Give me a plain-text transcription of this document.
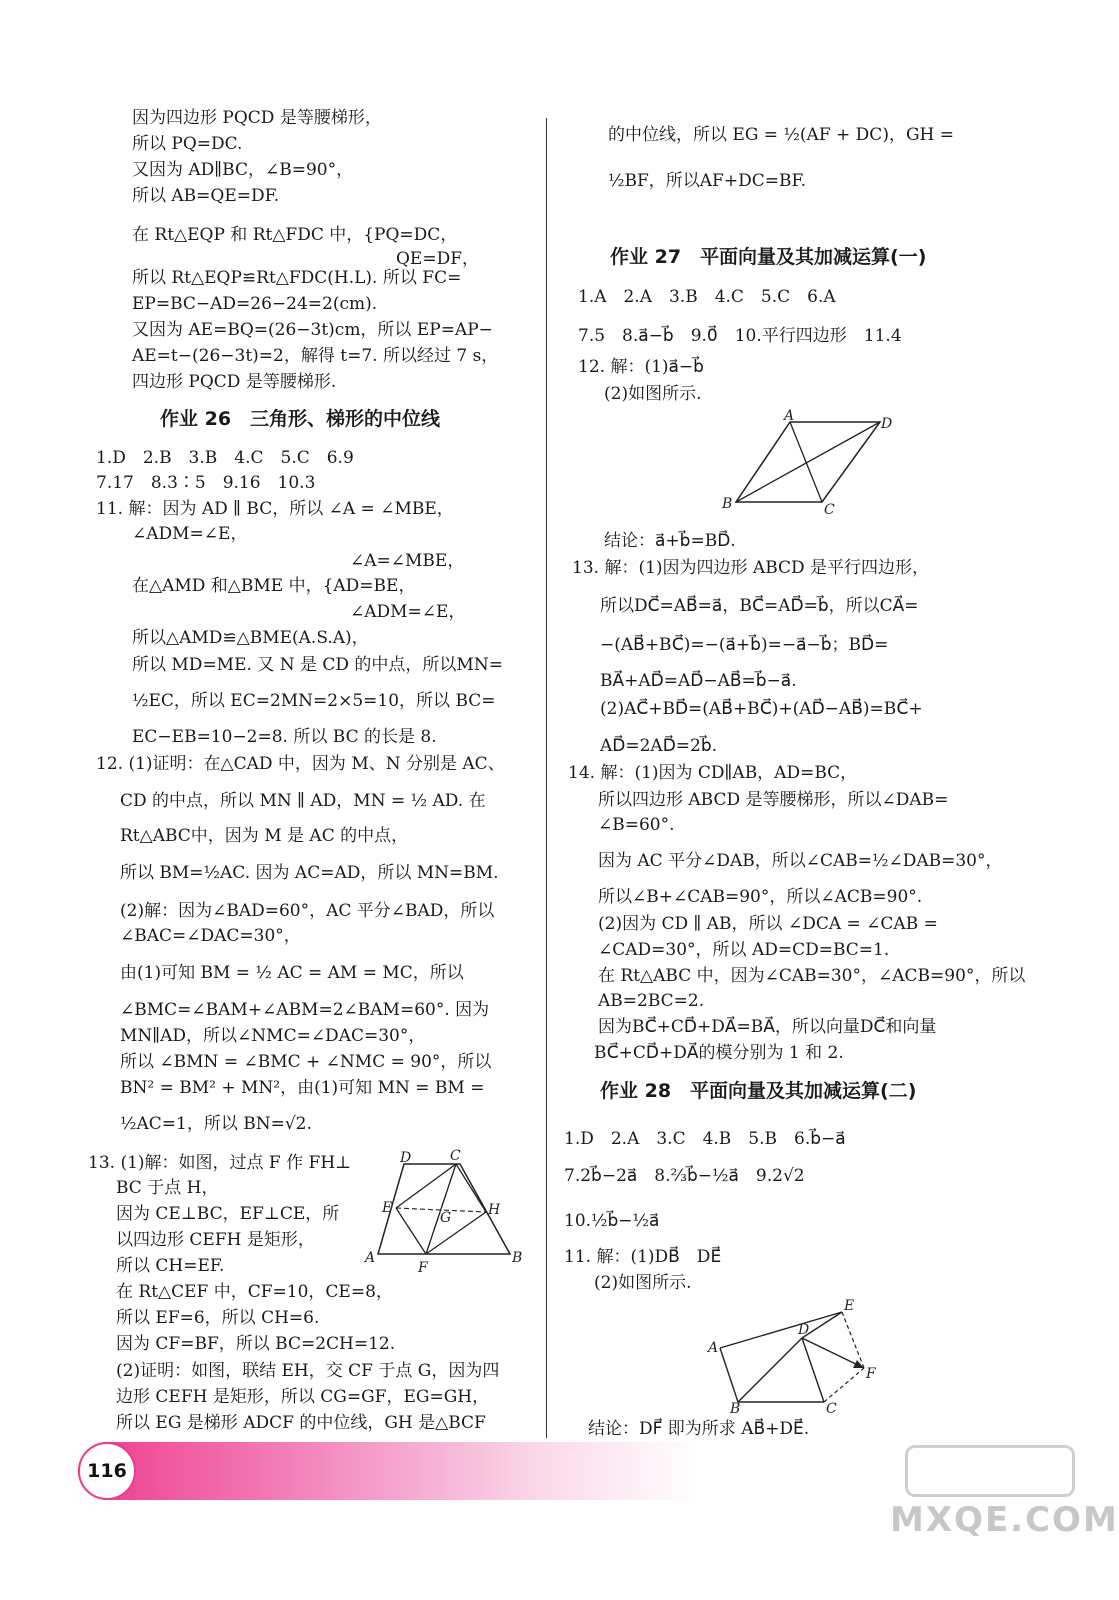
因为四边形 PQCD 是等腰梯形，
所以 PQ=DC.
又因为 AD∥BC，∠B=90°，
所以 AB=QE=DF.
在 Rt△EQP 和 Rt△FDC 中，{PQ=DC，
QE=DF，
所以 Rt△EQP≌Rt△FDC(H.L). 所以 FC=
EP=BC−AD=26−24=2(cm).
又因为 AE=BQ=(26−3t)cm，所以 EP=AP−
AE=t−(26−3t)=2，解得 t=7. 所以经过 7 s，
四边形 PQCD 是等腰梯形.
作业 26　三角形、梯形的中位线
1.D　2.B　3.B　4.C　5.C　6.9
7.17　8.3∶5　9.16　10.3
11. 解：因为 AD ∥ BC，所以 ∠A = ∠MBE，
∠ADM=∠E，
∠A=∠MBE，
在△AMD 和△BME 中，{AD=BE，
∠ADM=∠E，
所以△AMD≌△BME(A.S.A)，
所以 MD=ME. 又 N 是 CD 的中点，所以MN=
½EC，所以 EC=2MN=2×5=10，所以 BC=
EC−EB=10−2=8. 所以 BC 的长是 8.
12. (1)证明：在△CAD 中，因为 M、N 分别是 AC、
CD 的中点，所以 MN ∥ AD，MN = ½ AD. 在
Rt△ABC中，因为 M 是 AC 的中点，
所以 BM=½AC. 因为 AC=AD，所以 MN=BM.
(2)解：因为∠BAD=60°，AC 平分∠BAD，所以
∠BAC=∠DAC=30°，
由(1)可知 BM = ½ AC = AM = MC，所以
∠BMC=∠BAM+∠ABM=2∠BAM=60°. 因为
MN∥AD，所以∠NMC=∠DAC=30°，
所以 ∠BMN = ∠BMC + ∠NMC = 90°，所以
BN² = BM² + MN²，由(1)可知 MN = BM =
½AC=1，所以 BN=√2.
13. (1)解：如图，过点 F 作 FH⊥
BC 于点 H，
因为 CE⊥BC，EF⊥CE，所
以四边形 CEFH 是矩形，
所以 CH=EF.
在 Rt△CEF 中，CF=10，CE=8，
所以 EF=6，所以 CH=6.
因为 CF=BF，所以 BC=2CH=12.
(2)证明：如图，联结 EH，交 CF 于点 G，因为四
边形 CEFH 是矩形，所以 CG=GF，EG=GH，
所以 EG 是梯形 ADCF 的中位线，GH 是△BCF
D	C
E
G	H
A
F
B
的中位线，所以 EG = ½(AF + DC)，GH =
½BF，所以AF+DC=BF.
作业 27　平面向量及其加减运算(一)
1.A　2.A　3.B　4.C　5.C　6.A
7.5　8.a⃗−b⃗　9.0⃗　10.平行四边形　11.4
12. 解：(1)a⃗−b⃗
(2)如图所示.
结论：a⃗+b⃗=BD⃗.
13. 解：(1)因为四边形 ABCD 是平行四边形，
所以DC⃗=AB⃗=a⃗，BC⃗=AD⃗=b⃗，所以CA⃗=
−(AB⃗+BC⃗)=−(a⃗+b⃗)=−a⃗−b⃗；BD⃗=
BA⃗+AD⃗=AD⃗−AB⃗=b⃗−a⃗.
(2)AC⃗+BD⃗=(AB⃗+BC⃗)+(AD⃗−AB⃗)=BC⃗+
AD⃗=2AD⃗=2b⃗.
14. 解：(1)因为 CD∥AB，AD=BC，
所以四边形 ABCD 是等腰梯形，所以∠DAB=
∠B=60°.
因为 AC 平分∠DAB，所以∠CAB=½∠DAB=30°，
所以∠B+∠CAB=90°，所以∠ACB=90°.
(2)因为 CD ∥ AB，所以 ∠DCA = ∠CAB =
∠CAD=30°，所以 AD=CD=BC=1.
在 Rt△ABC 中，因为∠CAB=30°，∠ACB=90°，所以
AB=2BC=2.
因为BC⃗+CD⃗+DA⃗=BA⃗，所以向量DC⃗和向量
BC⃗+CD⃗+DA⃗的模分别为 1 和 2.
作业 28　平面向量及其加减运算(二)
1.D　2.A　3.C　4.B　5.B　6.b⃗−a⃗
7.2b⃗−2a⃗　8.⅔b⃗−½a⃗　9.2√2
10.½b⃗−½a⃗
11. 解：(1)DB⃗　DE⃗
(2)如图所示.
结论：DF⃗ 即为所求 AB⃗+DE⃗.
A	D
B	C
E
D
A
F
B	C
116
MXQE.COM
